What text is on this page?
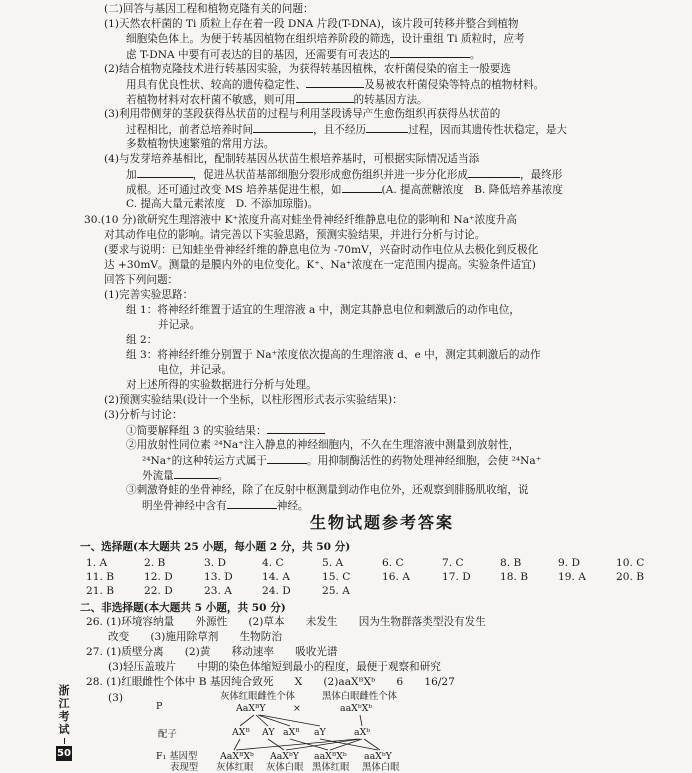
浙
江
考
试
50
(二)回答与基因工程和植物克隆有关的问题：
(1)天然农杆菌的 Ti 质粒上存在着一段 DNA 片段(T-DNA)，该片段可转移并整合到植物
细胞染色体上。为便于转基因植物在组织培养阶段的筛选，设计重组 Ti 质粒时，应考
虑 T-DNA 中要有可表达的目的基因，还需要有可表达的	。
(2)结合植物克隆技术进行转基因实验，为获得转基因植株，农杆菌侵染的宿主一般要选
用具有优良性状、较高的遗传稳定性、	及易被农杆菌侵染等特点的植物材料。
若植物材料对农杆菌不敏感，则可用	的转基因方法。
(3)利用带侧芽的茎段获得丛状苗的过程与利用茎段诱导产生愈伤组织再获得丛状苗的
过程相比，前者总培养时间	，且不经历	过程，因而其遗传性状稳定，是大
多数植物快速繁殖的常用方法。
(4)与发芽培养基相比，配制转基因丛状苗生根培养基时，可根据实际情况适当添
加	，促进丛状苗基部细胞分裂形成愈伤组织并进一步分化形成	，最终形
成根。还可通过改变 MS 培养基促进生根，如	(A. 提高蔗糖浓度　B. 降低培养基浓度
C. 提高大量元素浓度　D. 不添加琼脂)。
30.(10 分)欲研究生理溶液中 K⁺浓度升高对蛙坐骨神经纤维静息电位的影响和 Na⁺浓度升高
对其动作电位的影响。请完善以下实验思路，预测实验结果，并进行分析与讨论。
(要求与说明：已知蛙坐骨神经纤维的静息电位为 -70mV，兴奋时动作电位从去极化到反极化
达 +30mV。测量的是膜内外的电位变化。K⁺、Na⁺浓度在一定范围内提高。实验条件适宜)
回答下列问题：
(1)完善实验思路：
组 1：将神经纤维置于适宜的生理溶液 a 中，测定其静息电位和刺激后的动作电位，
并记录。
组 2：
组 3：将神经纤维分别置于 Na⁺浓度依次提高的生理溶液 d、e 中，测定其刺激后的动作
电位，并记录。
对上述所得的实验数据进行分析与处理。
(2)预测实验结果(设计一个坐标，以柱形图形式表示实验结果)：
(3)分析与讨论：
①简要解释组 3 的实验结果：
②用放射性同位素 ²⁴Na⁺注入静息的神经细胞内，不久在生理溶液中测量到放射性，
²⁴Na⁺的这种转运方式属于	。用抑制酶活性的药物处理神经细胞，会使 ²⁴Na⁺
外流量	。
③刺激脊蛙的坐骨神经，除了在反射中枢测量到动作电位外，还观察到腓肠肌收缩，说
明坐骨神经中含有	神经。
生物试题参考答案
一、选择题(本大题共 25 小题，每小题 2 分，共 50 分)
1. A	2. B	3. D	4. C	5. A	6. C	7. C	8. B	9. D	10. C
11. B	12. D	13. D	14. A	15. C	16. A	17. D	18. B	19. A	20. B
21. B	22. D	23. A	24. D	25. A
二、非选择题(本大题共 5 小题，共 50 分)
26. (1)环境容纳量　　外源性　　(2)草本　　未发生　　因为生物群落类型没有发生
改变　　(3)施用除草剂　　生物防治
27. (1)质壁分离　　(2)黄　　移动速率　　吸收光谱
(3)轻压盖玻片　　中期的染色体缩短到最小的程度，最便于观察和研究
28. (1)红眼雌性个体中 B 基因纯合致死　　X　　(2)aaXᴮXᵇ　　6　　16/27
(3)
P
灰体红眼雌性个体
AaXᴮY	×
黑体白眼雌性个体
aaXᵇXᵇ
配子	AXᴮ AY aXᴮ aY	aXᵇ
F₁ 基因型 AaXᴮXᵇ AaXᵇY aaXᴮXᵇ aaXᵇY
表现型 灰体红眼 灰体白眼 黑体红眼 黑体白眼
